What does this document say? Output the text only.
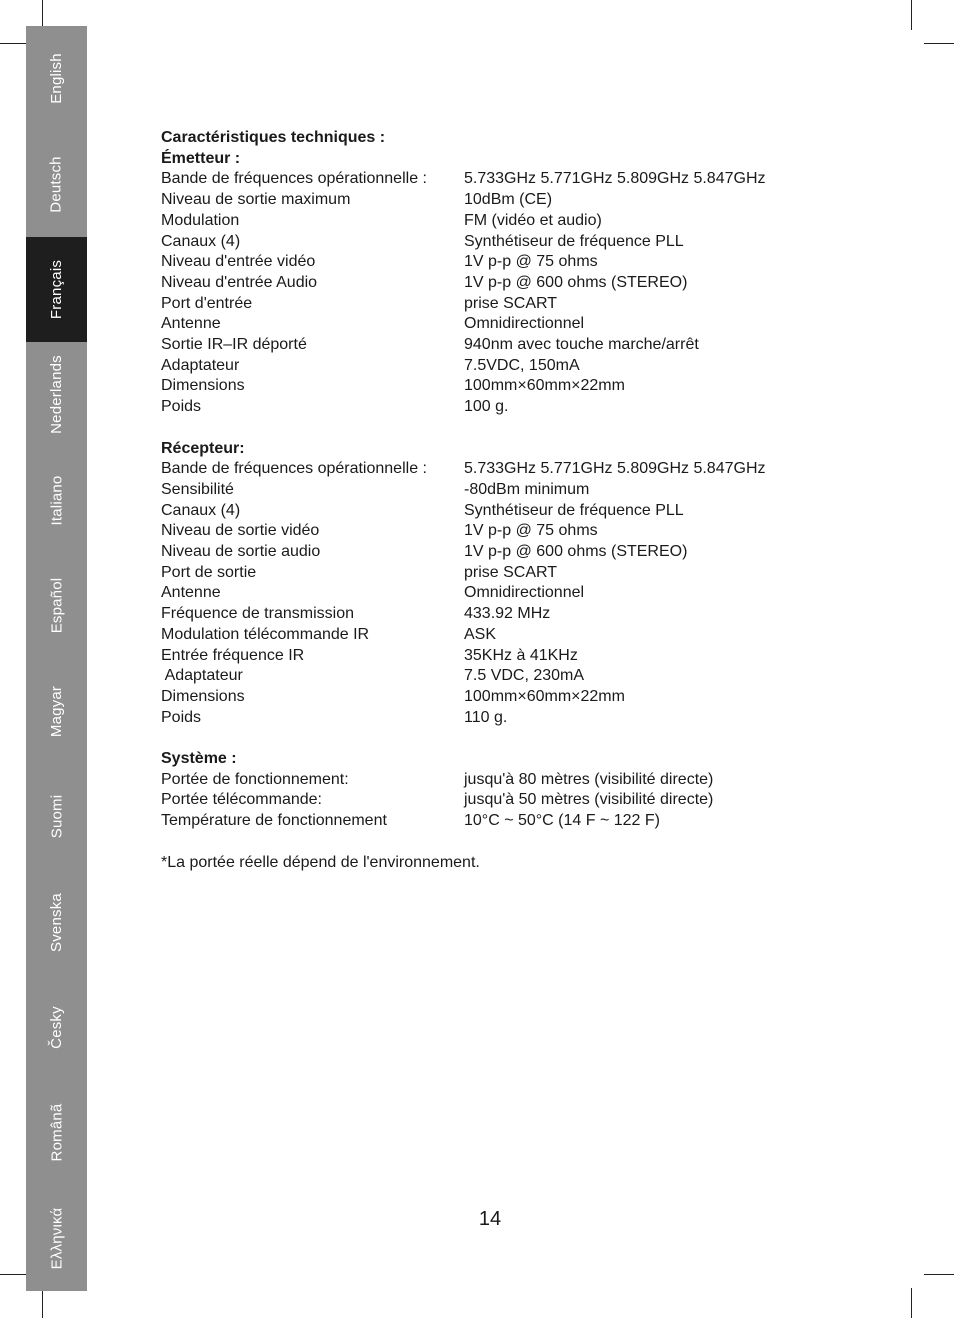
English
Deutsch
Français
Nederlands
Italiano
Español
Magyar
Suomi
Svenska
Česky
Românã
Ελληνικά
Caractéristiques techniques :
Émetteur :
Bande de fréquences opérationnelle :	5.733GHz 5.771GHz 5.809GHz 5.847GHz
Niveau de sortie maximum	10dBm (CE)
Modulation	FM (vidéo et audio)
Canaux (4)	Synthétiseur de fréquence PLL
Niveau d'entrée vidéo	1V p-p @ 75 ohms
Niveau d'entrée Audio	1V p-p @ 600 ohms (STEREO)
Port d'entrée	prise SCART
Antenne	Omnidirectionnel
Sortie IR–IR déporté	940nm avec touche marche/arrêt
Adaptateur	7.5VDC, 150mA
Dimensions	100mm×60mm×22mm
Poids	100 g.
Récepteur:
Bande de fréquences opérationnelle :	5.733GHz 5.771GHz 5.809GHz 5.847GHz
Sensibilité	-80dBm minimum
Canaux (4)	Synthétiseur de fréquence PLL
Niveau de sortie vidéo	1V p-p @ 75 ohms
Niveau de sortie audio	1V p-p @ 600 ohms (STEREO)
Port de sortie	prise SCART
Antenne	Omnidirectionnel
Fréquence de transmission	433.92 MHz
Modulation télécommande IR	ASK
Entrée fréquence IR	35KHz à 41KHz
Adaptateur	7.5 VDC, 230mA
Dimensions	100mm×60mm×22mm
Poids	110 g.
Système :
Portée de fonctionnement:	jusqu'à 80 mètres (visibilité directe)
Portée télécommande:	jusqu'à 50 mètres (visibilité directe)
Température de fonctionnement	10°C ~ 50°C (14 F ~ 122 F)
*La portée réelle dépend de l'environnement.
14
